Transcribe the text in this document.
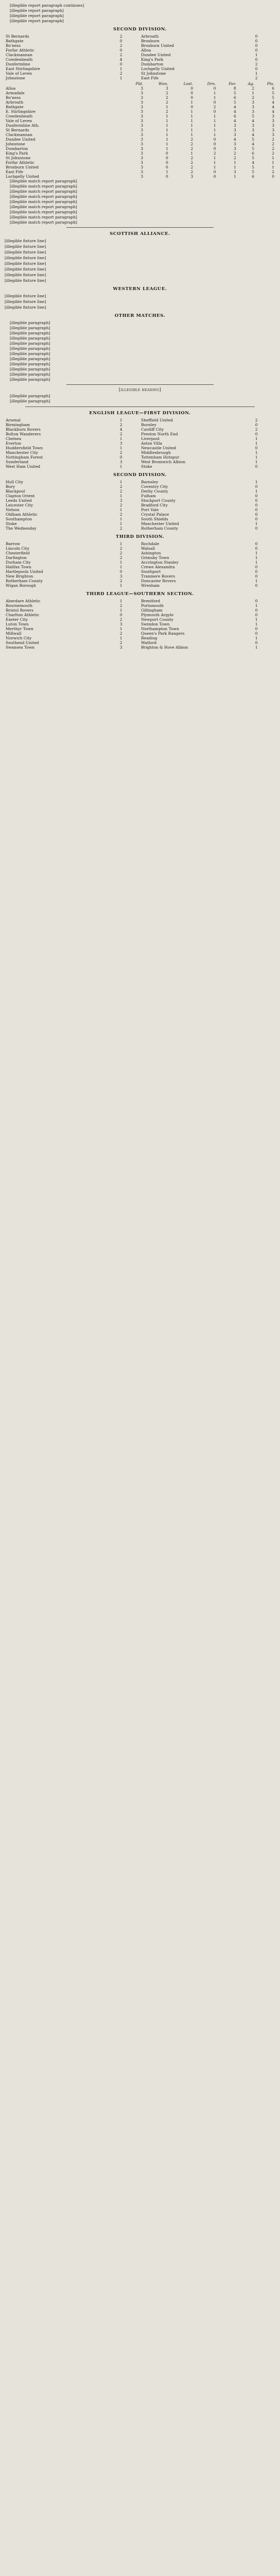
[illegible report paragraph continues]

[illegible report paragraph]

[illegible report paragraph]

[illegible report paragraph]

SECOND DIVISION.
St Bernards	2	Arbroath	0
Bathgate	0	Broxburn	0
Bo'ness	2	Broxburn United	0
Forfar Athletic	0	Alloa	0
Clackmannan	2	Dundee United	1
Cowdenbeath	4	King's Park	0
Dunfermline	0	Dumbarton	2
East Stirlingshire	1	Lochgelly United	0
Vale of Leven	2	St Johnstone	1
Johnstone	1	East Fife	2
	Pld.	Won.	Lost.	Drn.	For.	Ag.	Pts.
Alloa	3	3	0	0	8	2	6
Armadale	3	2	0	1	5	1	5
Bo'ness	3	2	0	1	6	2	5
Arbroath	3	2	1	0	5	3	4
Bathgate	3	1	0	2	4	3	4
E. Stirlingshire	3	2	1	0	4	3	4
Cowdenbeath	3	1	1	1	6	5	3
Vale of Leven	3	1	1	1	4	4	3
Dunfermline Ath.	3	1	1	1	3	3	3
St Bernards	3	1	1	1	3	3	3
Clackmannan	3	1	1	1	3	4	3
Dundee United	3	1	2	0	4	5	2
Johnstone	3	1	2	0	3	4	2
Dumbarton	3	1	2	0	3	5	2
King's Park	3	0	1	2	2	6	2
St Johnstone	3	0	2	1	2	5	1
Forfar Athletic	3	0	2	1	1	4	1
Broxburn United	3	0	2	1	1	5	1
East Fife	3	1	2	0	3	5	2
Lochgelly United	3	0	3	0	1	6	0

[illegible match report paragraph]

[illegible match report paragraph]

[illegible match report paragraph]

[illegible match report paragraph]

[illegible match report paragraph]

[illegible match report paragraph]

[illegible match report paragraph]

[illegible match report paragraph]

[illegible match report paragraph]

SCOTTISH ALLIANCE.

[illegible fixture line]

[illegible fixture line]

[illegible fixture line]

[illegible fixture line]

[illegible fixture line]

[illegible fixture line]

[illegible fixture line]

[illegible fixture line]

WESTERN LEAGUE.

[illegible fixture line]

[illegible fixture line]

[illegible fixture line]

OTHER MATCHES.

[illegible paragraph]

[illegible paragraph]

[illegible paragraph]

[illegible paragraph]

[illegible paragraph]

[illegible paragraph]

[illegible paragraph]

[illegible paragraph]

[illegible paragraph]

[illegible paragraph]

[illegible paragraph]

[illegible paragraph]

[illegible heading]

[illegible paragraph]

[illegible paragraph]

ENGLISH LEAGUE—FIRST DIVISION.
Arsenal	1	Sheffield United	2
Birmingham	2	Burnley	0
Blackburn Rovers	4	Cardiff City	2
Bolton Wanderers	2	Preston North End	0
Chelsea	1	Liverpool	1
Everton	3	Aston Villa	1
Huddersfield Town	1	Newcastle United	0
Manchester City	2	Middlesbrough	1
Nottingham Forest	0	Tottenham Hotspur	1
Sunderland	3	West Bromwich Albion	1
West Ham United	1	Stoke	0
SECOND DIVISION.
Hull City	1	Barnsley	1
Bury	2	Coventry City	0
Blackpool	2	Derby County	1
Clapton Orient	1	Fulham	0
Leeds United	3	Stockport County	0
Leicester City	2	Bradford City	0
Nelson	1	Port Vale	0
Oldham Athletic	2	Crystal Palace	0
Southampton	1	South Shields	0
Stoke	1	Manchester United	1
The Wednesday	2	Rotherham County	0
THIRD DIVISION.
Barrow	1	Rochdale	0
Lincoln City	2	Walsall	0
Chesterfield	2	Ashington	1
Darlington	2	Grimsby Town	1
Durham City	1	Accrington Stanley	1
Halifax Town	1	Crewe Alexandra	0
Hartlepools United	0	Southport	0
New Brighton	3	Tranmere Rovers	0
Rotherham County	2	Doncaster Rovers	1
Wigan Borough	1	Wrexham	0
THIRD LEAGUE—SOUTHERN SECTION.
Aberdare Athletic	1	Brentford	0
Bournemouth	2	Portsmouth	1
Bristol Rovers	1	Gillingham	0
Charlton Athletic	0	Plymouth Argyle	0
Exeter City	2	Newport County	1
Luton Town	3	Swindon Town	1
Merthyr Town	1	Northampton Town	0
Millwall	2	Queen's Park Rangers	0
Norwich City	1	Reading	1
Southend United	2	Watford	0
Swansea Town	3	Brighton & Hove Albion	1
